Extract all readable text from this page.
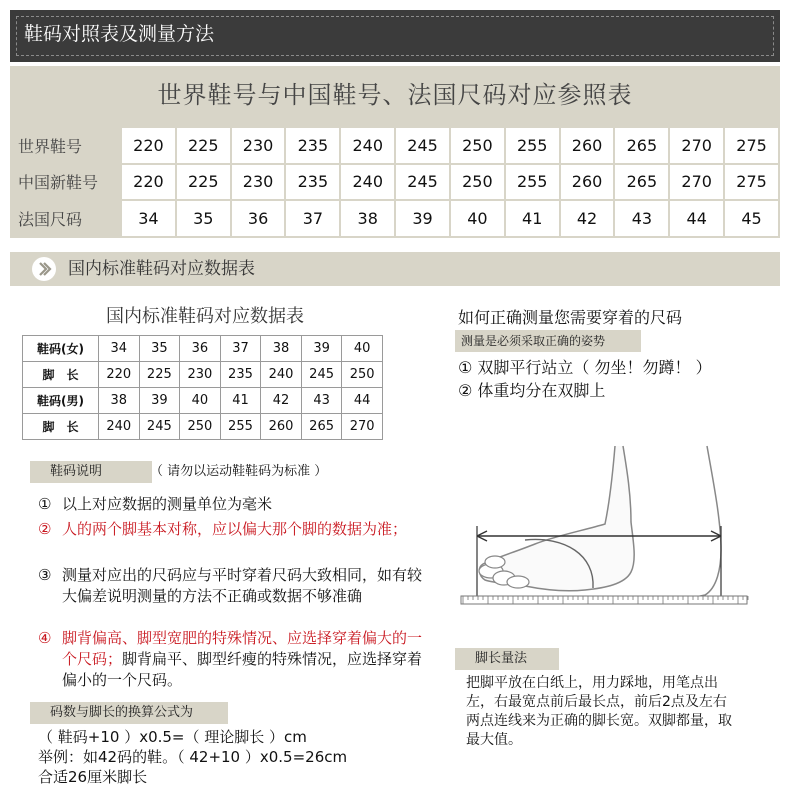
鞋码对照表及测量方法
世界鞋号与中国鞋号、法国尺码对应参照表
世界鞋号	220	225	230	235	240	245	250	255	260	265	270	275
中国新鞋号	220	225	230	235	240	245	250	255	260	265	270	275
法国尺码	34	35	36	37	38	39	40	41	42	43	44	45
国内标准鞋码对应数据表
国内标准鞋码对应数据表
鞋码(女)	34	35	36	37	38	39	40
脚　长	220	225	230	235	240	245	250
鞋码(男)	38	39	40	41	42	43	44
脚　长	240	245	250	255	260	265	270
鞋码说明	（ 请勿以运动鞋鞋码为标准 ）
① 以上对应数据的测量单位为毫米
② 人的两个脚基本对称，应以偏大那个脚的数据为准；
③ 测量对应出的尺码应与平时穿着尺码大致相同，如有较大偏差说明测量的方法不正确或数据不够准确
④ 脚背偏高、脚型宽肥的特殊情况、应选择穿着偏大的一个尺码；脚背扁平、脚型纤瘦的特殊情况，应选择穿着偏小的一个尺码。
码数与脚长的换算公式为
（ 鞋码+10 ）x0.5=（ 理论脚长 ）cm
举例：如42码的鞋。（ 42+10 ）x0.5=26cm
合适26厘米脚长
如何正确测量您需要穿着的尺码
测量是必须采取正确的姿势
① 双脚平行站立（ 勿坐！勿蹲！ ）
② 体重均分在双脚上
脚长量法
把脚平放在白纸上，用力踩地，用笔点出左，右最宽点前后最长点，前后2点及左右两点连线来为正确的脚长宽。双脚都量，取最大值。
